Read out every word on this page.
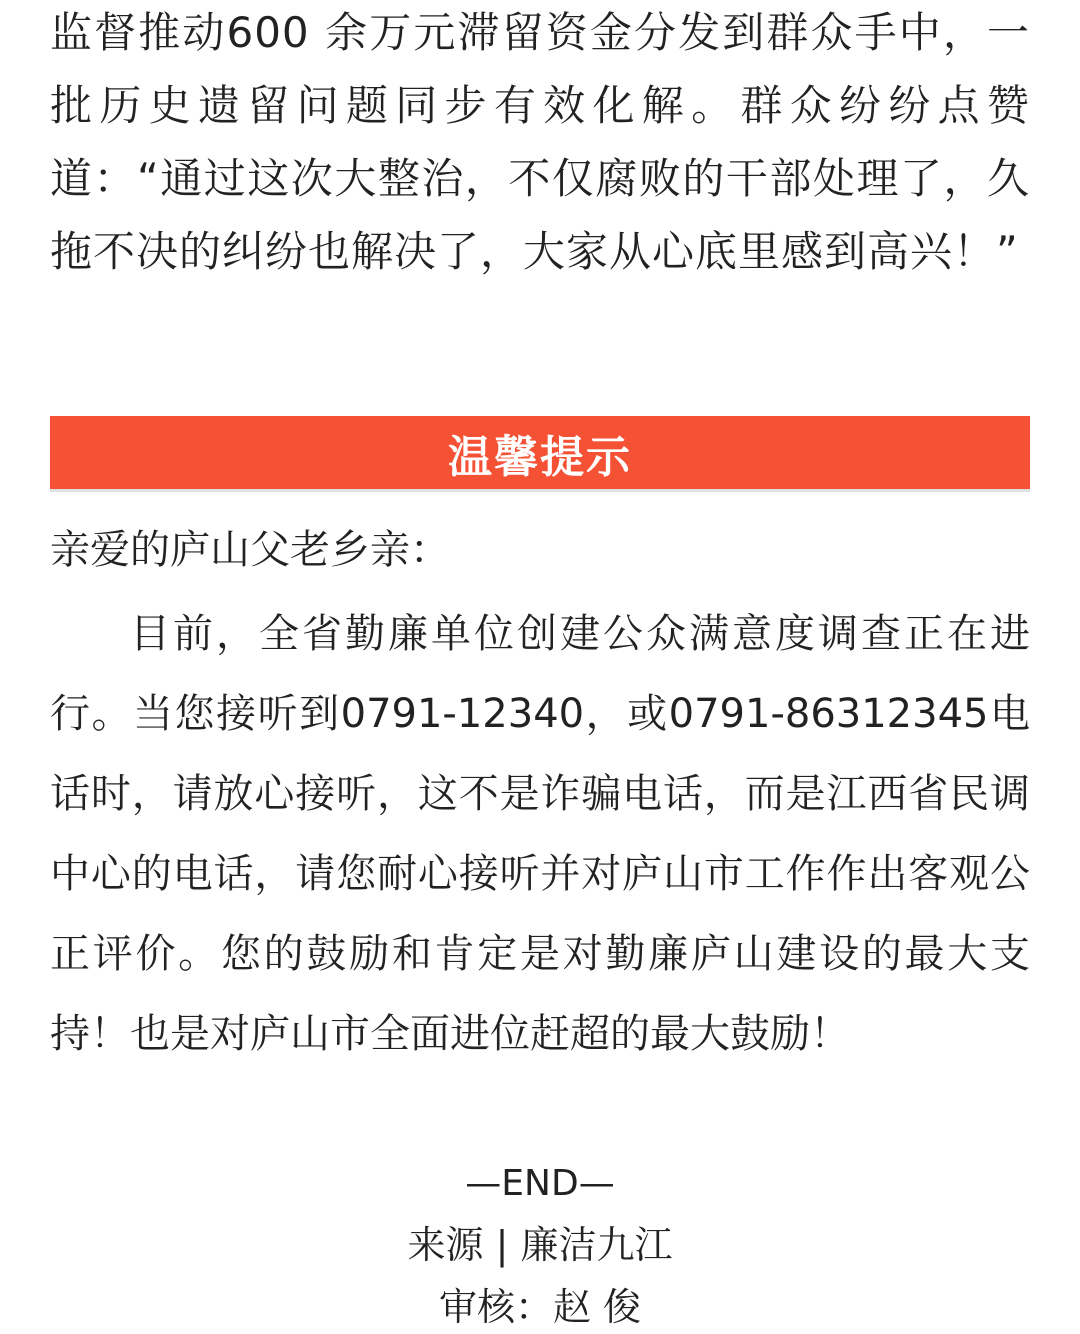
监督推动600 余万元滞留资金分发到群众手中，一批历史遗留问题同步有效化解。群众纷纷点赞道：“通过这次大整治，不仅腐败的干部处理了，久拖不决的纠纷也解决了，大家从心底里感到高兴！”

温馨提示

亲爱的庐山父老乡亲：

目前，全省勤廉单位创建公众满意度调查正在进行。当您接听到0791-12340，或0791-86312345电话时，请放心接听，这不是诈骗电话，而是江西省民调中心的电话，请您耐心接听并对庐山市工作作出客观公正评价。您的鼓励和肯定是对勤廉庐山建设的最大支持！也是对庐山市全面进位赶超的最大鼓励！

—END—

来源 | 廉洁九江

审核：赵 俊
